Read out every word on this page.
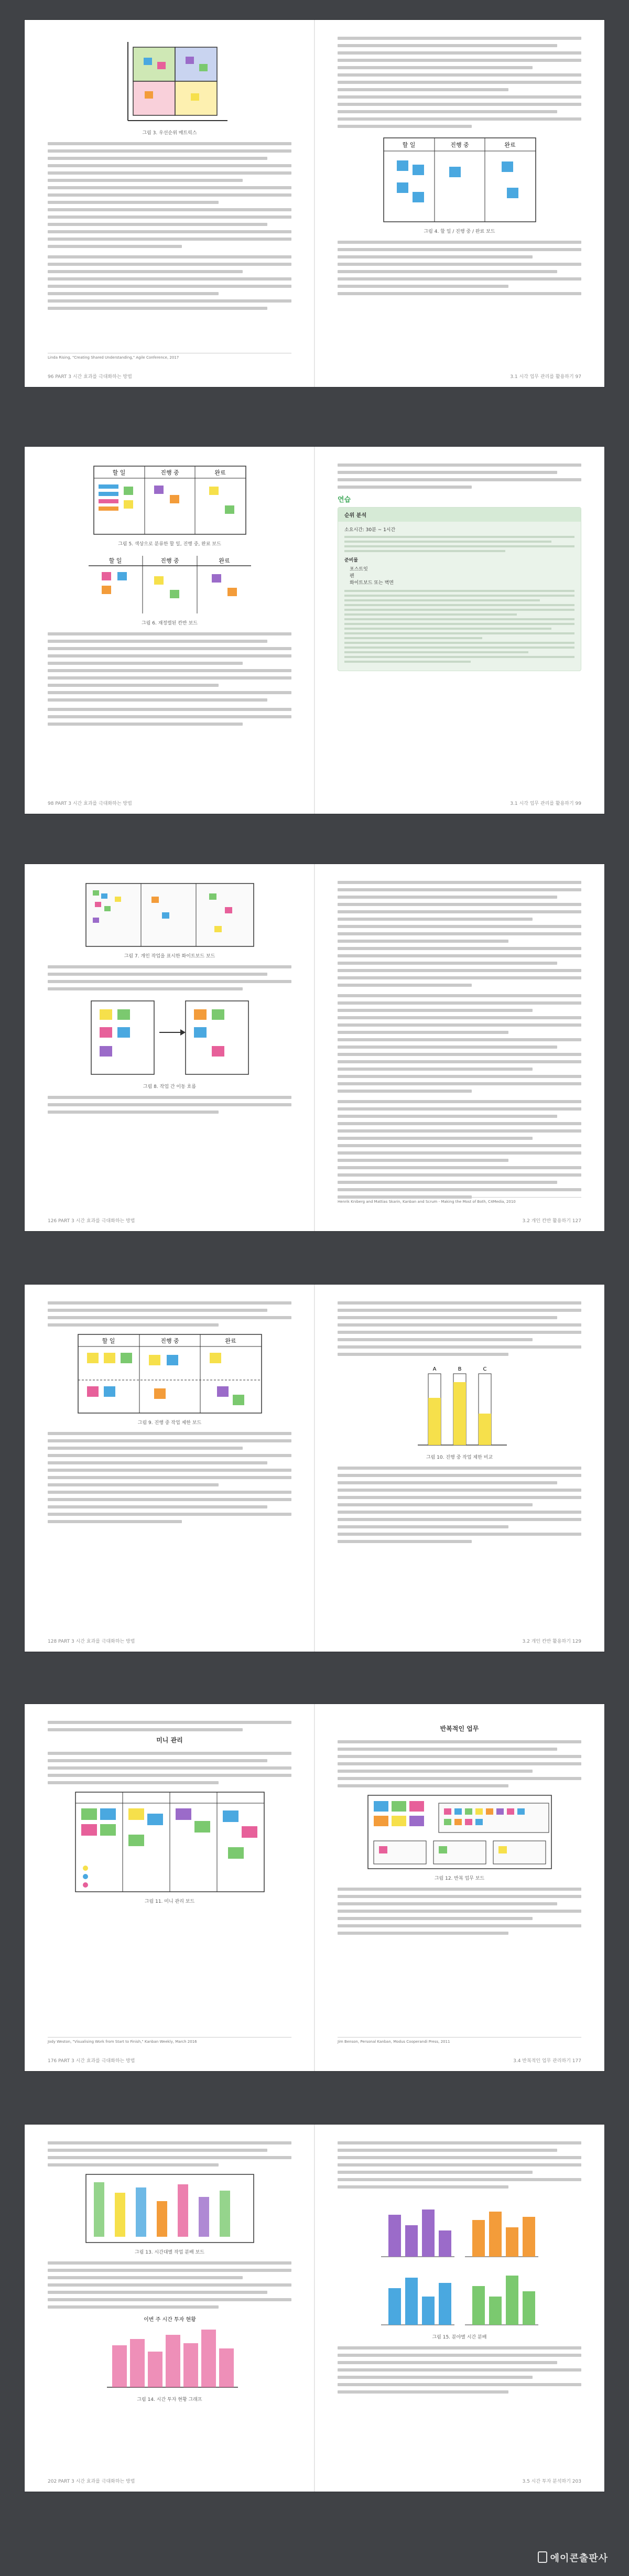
그림 3. 우선순위 매트릭스
Linda Rising, "Creating Shared Understanding," Agile Conference, 2017
96 PART 3 시간 효과를 극대화하는 방법
할 일	진행 중	완료
그림 4. 할 일 / 진행 중 / 완료 보드
3.1 시각 업무 관리를 활용하기 97
할 일	진행 중	완료
그림 5. 색상으로 분류한 할 일, 진행 중, 완료 보드
할 일	진행 중	완료
그림 6. 재정렬된 칸반 보드
98 PART 3 시간 효과를 극대화하는 방법
연습
순위 분석
소요시간: 30분 ~ 1시간
준비물
포스트잇
펜
화이트보드 또는 벽면
3.1 시각 업무 관리를 활용하기 99
그림 7. 개인 작업을 표시한 화이트보드 보드
그림 8. 작업 간 이동 흐름
126 PART 3 시간 효과를 극대화하는 방법
Henrik Kniberg and Mattias Skarin, Kanban and Scrum - Making the Most of Both, C4Media, 2010
3.2 개인 칸반 활용하기 127
할 일	진행 중	완료
그림 9. 진행 중 작업 제한 보드
128 PART 3 시간 효과를 극대화하는 방법
A	B	C
그림 10. 진행 중 작업 제한 비교
3.2 개인 칸반 활용하기 129
미니 관리
그림 11. 미니 관리 보드
Jody Weston, "Visualising Work from Start to Finish," Kanban Weekly, March 2016
176 PART 3 시간 효과를 극대화하는 방법
반복적인 업무
그림 12. 반복 업무 보드
Jim Benson, Personal Kanban, Modus Cooperandi Press, 2011
3.4 반복적인 업무 관리하기 177
그림 13. 시간대별 작업 분배 보드
이번 주 시간 투자 현황
그림 14. 시간 투자 현황 그래프
202 PART 3 시간 효과를 극대화하는 방법
그림 15. 분야별 시간 분배
3.5 시간 투자 분석하기 203
에이콘출판사
